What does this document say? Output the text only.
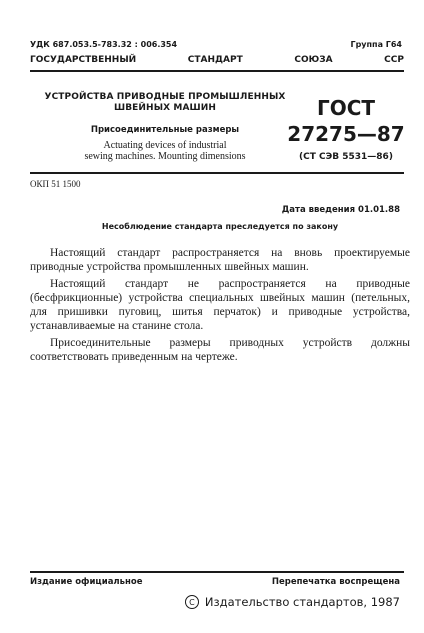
УДК 687.053.5-783.32 : 006.354	Группа Г64
ГОСУДАРСТВЕННЫЙ	СТАНДАРТ	СОЮЗА	ССР
УСТРОЙСТВА ПРИВОДНЫЕ ПРОМЫШЛЕННЫХ
ШВЕЙНЫХ МАШИН
Присоединительные размеры
Actuating devices of industrial
sewing machines. Mounting dimensions
ГОСТ
27275—87
(СТ СЭВ 5531—86)
ОКП 51 1500
Дата введения 01.01.88
Несоблюдение стандарта преследуется по закону

Настоящий стандарт распространяется на вновь проектируемые приводные устройства промышленных швейных машин.

Настоящий стандарт не распространяется на приводные (бесфрикционные) устройства специальных швейных машин (петельных, для пришивки пуговиц, шитья перчаток) и приводные устройства, устанавливаемые на станине стола.

Присоединительные размеры приводных устройств должны соответствовать приведенным на чертеже.

Издание официальное	Перепечатка воспрещена
C Издательство стандартов, 1987
